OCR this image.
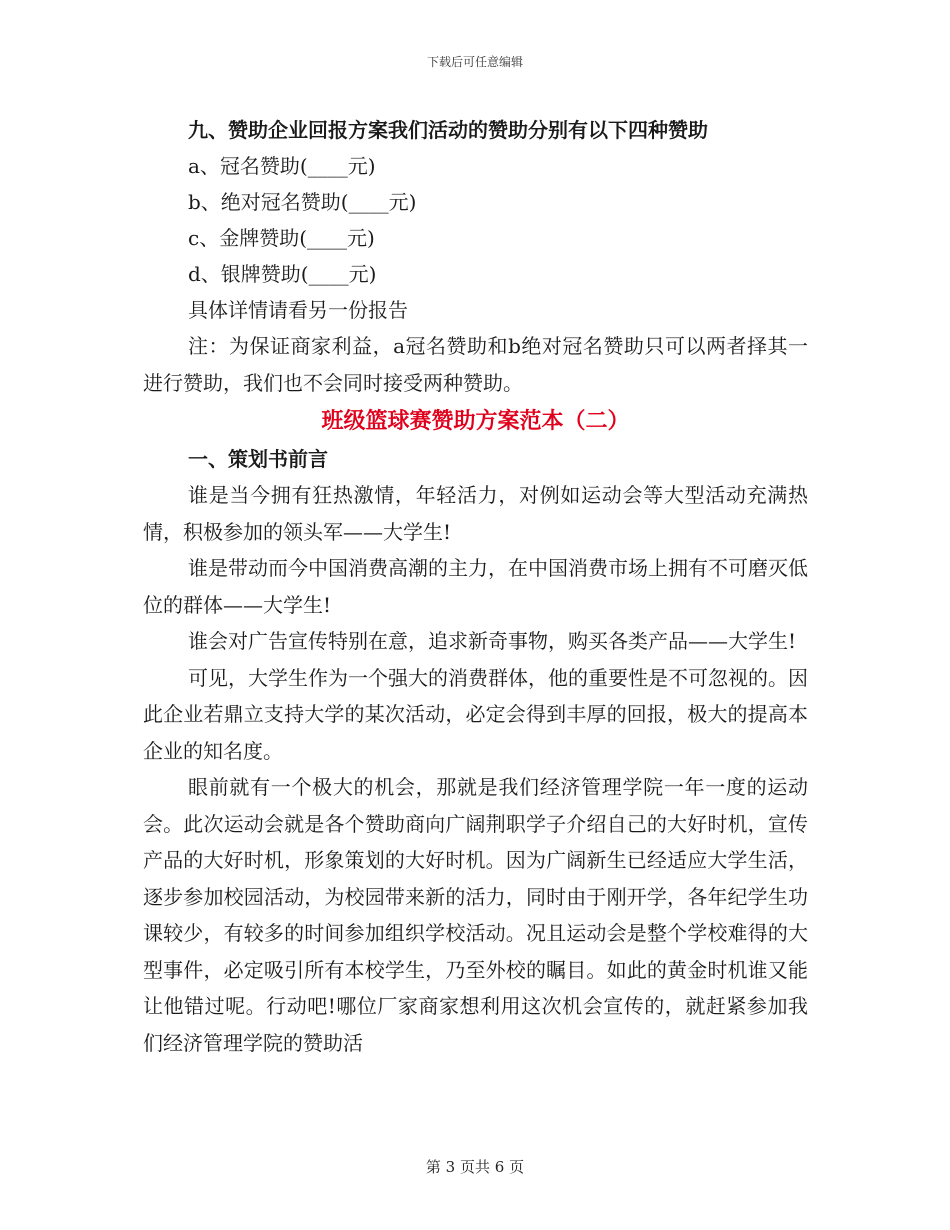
下载后可任意编辑
九、赞助企业回报方案我们活动的赞助分别有以下四种赞助
a、冠名赞助(____元)
b、绝对冠名赞助(____元)
c、金牌赞助(____元)
d、银牌赞助(____元)
具体详情请看另一份报告
注：为保证商家利益，a冠名赞助和b绝对冠名赞助只可以两者择其一进行赞助，我们也不会同时接受两种赞助。
班级篮球赛赞助方案范本（二）
一、策划书前言
谁是当今拥有狂热激情，年轻活力，对例如运动会等大型活动充满热情，积极参加的领头军——大学生!
谁是带动而今中国消费高潮的主力，在中国消费市场上拥有不可磨灭低位的群体——大学生!
谁会对广告宣传特别在意，追求新奇事物，购买各类产品——大学生!
可见，大学生作为一个强大的消费群体，他的重要性是不可忽视的。因此企业若鼎立支持大学的某次活动，必定会得到丰厚的回报，极大的提高本企业的知名度。
眼前就有一个极大的机会，那就是我们经济管理学院一年一度的运动会。此次运动会就是各个赞助商向广阔荆职学子介绍自己的大好时机，宣传产品的大好时机，形象策划的大好时机。因为广阔新生已经适应大学生活，逐步参加校园活动，为校园带来新的活力，同时由于刚开学，各年纪学生功课较少，有较多的时间参加组织学校活动。况且运动会是整个学校难得的大型事件，必定吸引所有本校学生，乃至外校的瞩目。如此的黄金时机谁又能让他错过呢。行动吧!哪位厂家商家想利用这次机会宣传的，就赶紧参加我们经济管理学院的赞助活
第 3 页共 6 页
